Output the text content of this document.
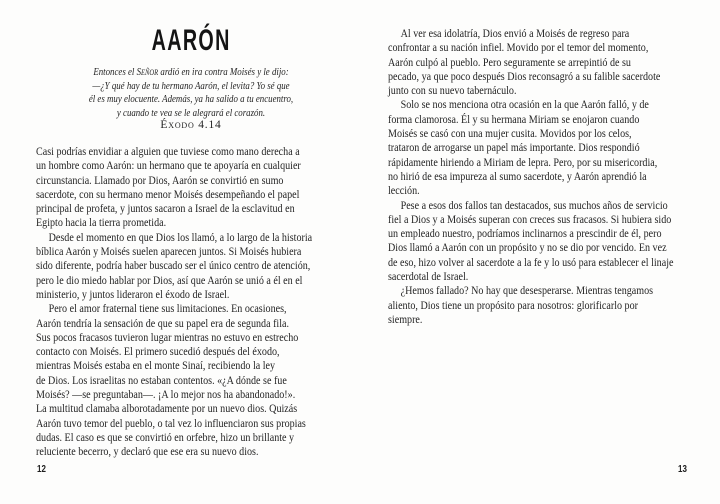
AARÓN
Entonces el Señor ardió en ira contra Moisés y le dijo:
—¿Y qué hay de tu hermano Aarón, el levita? Yo sé que
él es muy elocuente. Además, ya ha salido a tu encuentro,
y cuando te vea se le alegrará el corazón.
Éxodo 4.14
Casi podrías envidiar a alguien que tuviese como mano derecha a
un hombre como Aarón: un hermano que te apoyaría en cualquier
circunstancia. Llamado por Dios, Aarón se convirtió en sumo
sacerdote, con su hermano menor Moisés desempeñando el papel
principal de profeta, y juntos sacaron a Israel de la esclavitud en
Egipto hacia la tierra prometida.
Desde el momento en que Dios los llamó, a lo largo de la historia
bíblica Aarón y Moisés suelen aparecen juntos. Si Moisés hubiera
sido diferente, podría haber buscado ser el único centro de atención,
pero le dio miedo hablar por Dios, así que Aarón se unió a él en el
ministerio, y juntos lideraron el éxodo de Israel.
Pero el amor fraternal tiene sus limitaciones. En ocasiones,
Aarón tendría la sensación de que su papel era de segunda fila.
Sus pocos fracasos tuvieron lugar mientras no estuvo en estrecho
contacto con Moisés. El primero sucedió después del éxodo,
mientras Moisés estaba en el monte Sinaí, recibiendo la ley
de Dios. Los israelitas no estaban contentos. «¿A dónde se fue
Moisés? —se preguntaban—. ¡A lo mejor nos ha abandonado!».
La multitud clamaba alborotadamente por un nuevo dios. Quizás
Aarón tuvo temor del pueblo, o tal vez lo influenciaron sus propias
dudas. El caso es que se convirtió en orfebre, hizo un brillante y
reluciente becerro, y declaró que ese era su nuevo dios.
12
Al ver esa idolatría, Dios envió a Moisés de regreso para
confrontar a su nación infiel. Movido por el temor del momento,
Aarón culpó al pueblo. Pero seguramente se arrepintió de su
pecado, ya que poco después Dios reconsagró a su falible sacerdote
junto con su nuevo tabernáculo.
Solo se nos menciona otra ocasión en la que Aarón falló, y de
forma clamorosa. Él y su hermana Miriam se enojaron cuando
Moisés se casó con una mujer cusita. Movidos por los celos,
trataron de arrogarse un papel más importante. Dios respondió
rápidamente hiriendo a Miriam de lepra. Pero, por su misericordia,
no hirió de esa impureza al sumo sacerdote, y Aarón aprendió la
lección.
Pese a esos dos fallos tan destacados, sus muchos años de servicio
fiel a Dios y a Moisés superan con creces sus fracasos. Si hubiera sido
un empleado nuestro, podríamos inclinarnos a prescindir de él, pero
Dios llamó a Aarón con un propósito y no se dio por vencido. En vez
de eso, hizo volver al sacerdote a la fe y lo usó para establecer el linaje
sacerdotal de Israel.
¿Hemos fallado? No hay que desesperarse. Mientras tengamos
aliento, Dios tiene un propósito para nosotros: glorificarlo por
siempre.
13
